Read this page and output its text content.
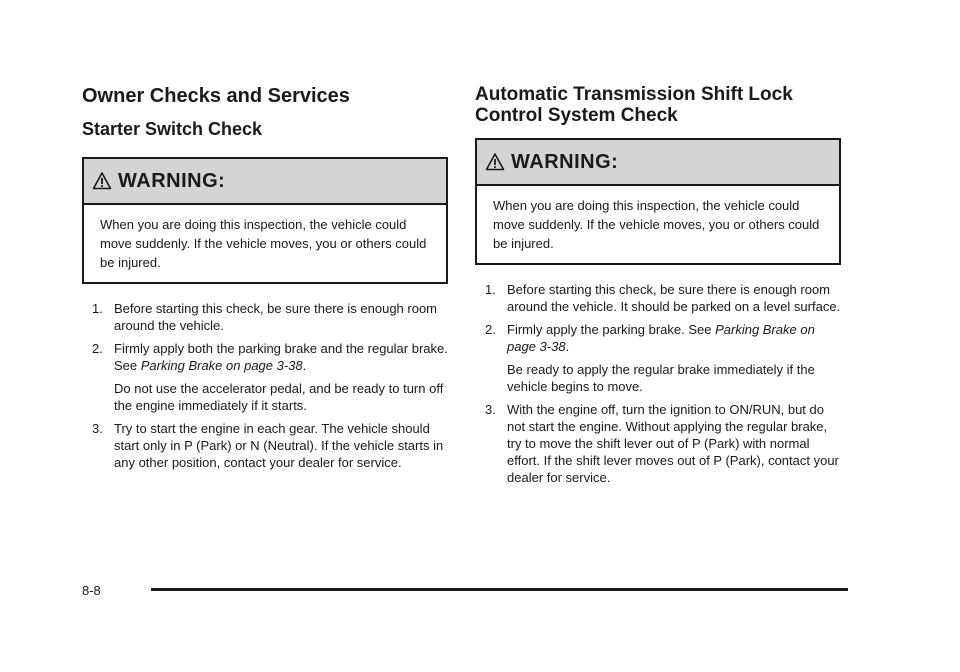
Owner Checks and Services
Starter Switch Check
WARNING:
When you are doing this inspection, the vehicle could move suddenly. If the vehicle moves, you or others could be injured.
1. Before starting this check, be sure there is enough room around the vehicle.
2. Firmly apply both the parking brake and the regular brake. See Parking Brake on page 3‑38.

Do not use the accelerator pedal, and be ready to turn off the engine immediately if it starts.

3. Try to start the engine in each gear. The vehicle should start only in P (Park) or N (Neutral). If the vehicle starts in any other position, contact your dealer for service.
Automatic Transmission Shift Lock Control System Check
WARNING:
When you are doing this inspection, the vehicle could move suddenly. If the vehicle moves, you or others could be injured.
1. Before starting this check, be sure there is enough room around the vehicle. It should be parked on a level surface.
2. Firmly apply the parking brake. See Parking Brake on page 3‑38.

Be ready to apply the regular brake immediately if the vehicle begins to move.

3. With the engine off, turn the ignition to ON/RUN, but do not start the engine. Without applying the regular brake, try to move the shift lever out of P (Park) with normal effort. If the shift lever moves out of P (Park), contact your dealer for service.
8-8
